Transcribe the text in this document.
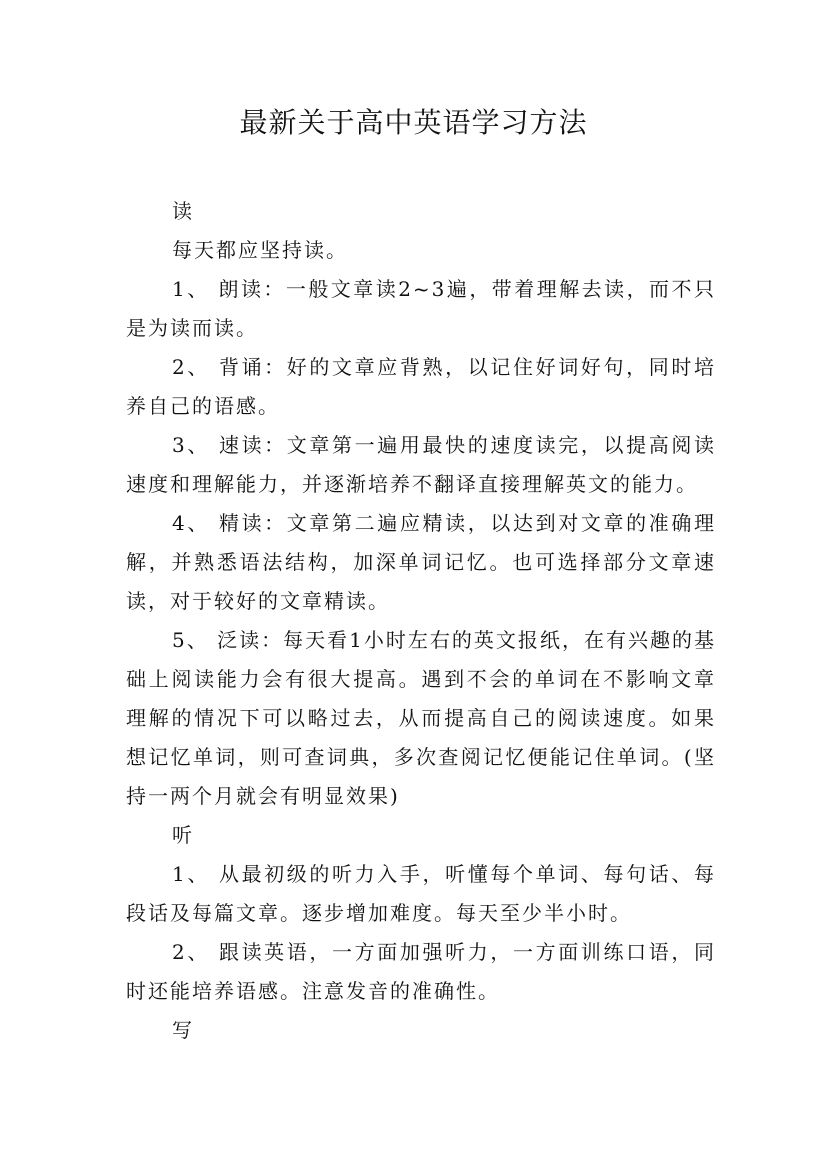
最新关于高中英语学习方法

读

每天都应坚持读。

1、 朗读：一般文章读2~3遍，带着理解去读，而不只是为读而读。

2、 背诵：好的文章应背熟，以记住好词好句，同时培养自己的语感。

3、 速读：文章第一遍用最快的速度读完，以提高阅读速度和理解能力，并逐渐培养不翻译直接理解英文的能力。

4、 精读：文章第二遍应精读，以达到对文章的准确理解，并熟悉语法结构，加深单词记忆。也可选择部分文章速读，对于较好的文章精读。

5、 泛读：每天看1小时左右的英文报纸，在有兴趣的基础上阅读能力会有很大提高。遇到不会的单词在不影响文章理解的情况下可以略过去，从而提高自己的阅读速度。如果想记忆单词，则可查词典，多次查阅记忆便能记住单词。(坚持一两个月就会有明显效果)

听

1、 从最初级的听力入手，听懂每个单词、每句话、每段话及每篇文章。逐步增加难度。每天至少半小时。

2、 跟读英语，一方面加强听力，一方面训练口语，同时还能培养语感。注意发音的准确性。

写
